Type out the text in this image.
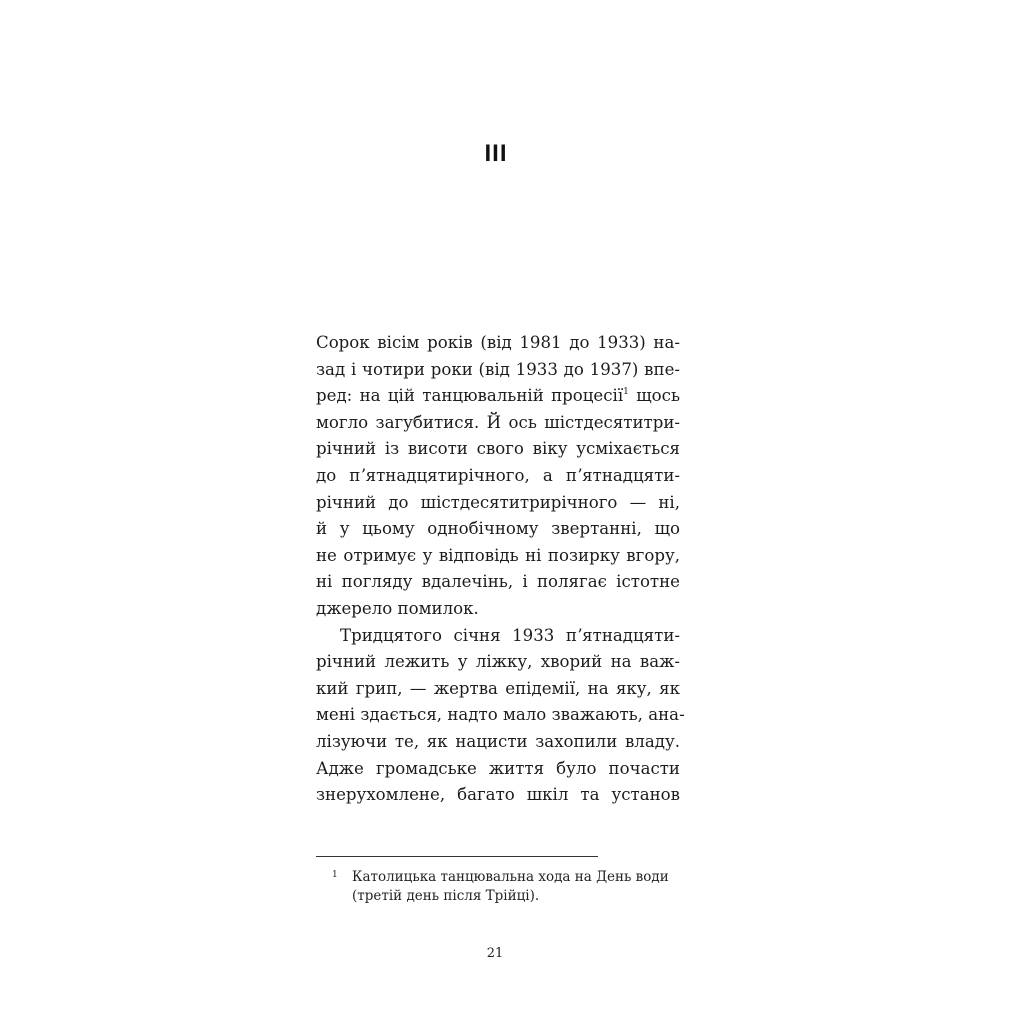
III
Сорок вісім років (від 1981 до 1933) на-
зад і чотири роки (від 1933 до 1937) впе-
ред: на цій танцювальній процесії$^1$ щось
могло загубитися. Й ось шістдесятитри-
річний із висоти свого віку усміхається
до пʼятнадцятирічного, а пʼятнадцяти-
річний до шістдесятитрирічного — ні,
й у цьому однобічному звертанні, що
не отримує у відповідь ні позирку вгору,
ні погляду вдалечінь, і полягає істотне
джерело помилок.
Тридцятого січня 1933 пʼятнадцяти-
річний лежить у ліжку, хворий на важ-
кий грип, — жертва епідемії, на яку, як
мені здається, надто мало зважають, ана-
лізуючи те, як нацисти захопили владу.
Адже громадське життя було почасти
знерухомлене, багато шкіл та установ
1 Католицька танцювальна хода на День води
(третій день після Трійці).
21
